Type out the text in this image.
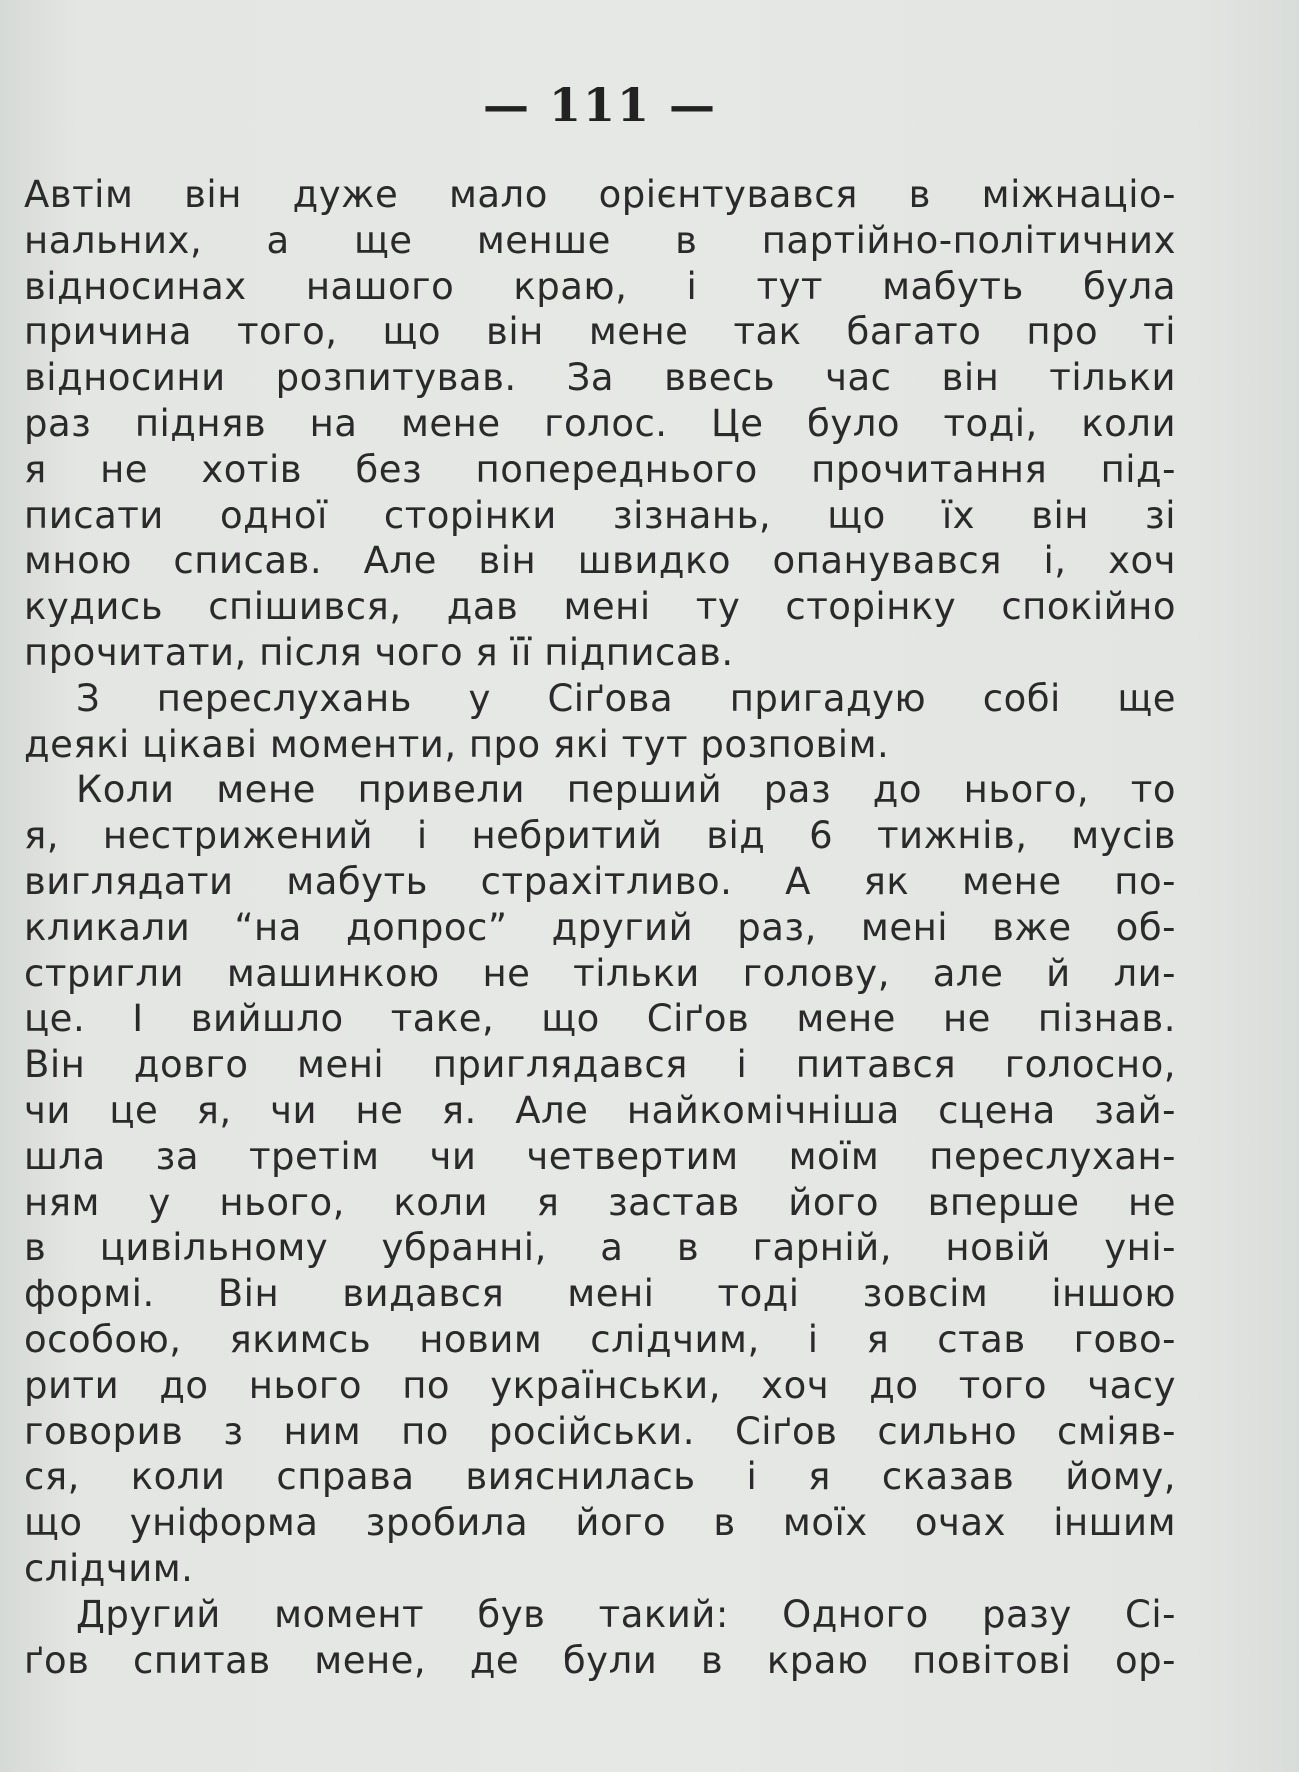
— 111 —
Автім він дуже мало орієнтувався в міжнаціо-
нальних, а ще менше в партійно-політичних
відносинах нашого краю, і тут мабуть була
причина того, що він мене так багато про ті
відносини розпитував. За ввесь час він тільки
раз підняв на мене голос. Це було тоді, коли
я не хотів без попереднього прочитання під-
писати одної сторінки зізнань, що їх він зі
мною списав. Але він швидко опанувався і, хоч
кудись спішився, дав мені ту сторінку спокійно
прочитати, після чого я її підписав.
З переслухань у Сіґова пригадую собі ще
деякі цікаві моменти, про які тут розповім.
Коли мене привели перший раз до нього, то
я, нестрижений і небритий від 6 тижнів, мусів
виглядати мабуть страхітливо. А як мене по-
кликали “на допрос” другий раз, мені вже об-
стригли машинкою не тільки голову, але й ли-
це. І вийшло таке, що Сіґов мене не пізнав.
Він довго мені приглядався і питався голосно,
чи це я, чи не я. Але найкомічніша сцена зай-
шла за третім чи четвертим моїм переслухан-
ням у нього, коли я застав його вперше не
в цивільному убранні, а в гарній, новій уні-
формі. Він видався мені тоді зовсім іншою
особою, якимсь новим слідчим, і я став гово-
рити до нього по українськи, хоч до того часу
говорив з ним по російськи. Сіґов сильно сміяв-
ся, коли справа вияснилась і я сказав йому,
що уніформа зробила його в моїх очах іншим
слідчим.
Другий момент був такий: Одного разу Сі-
ґов спитав мене, де були в краю повітові ор-
